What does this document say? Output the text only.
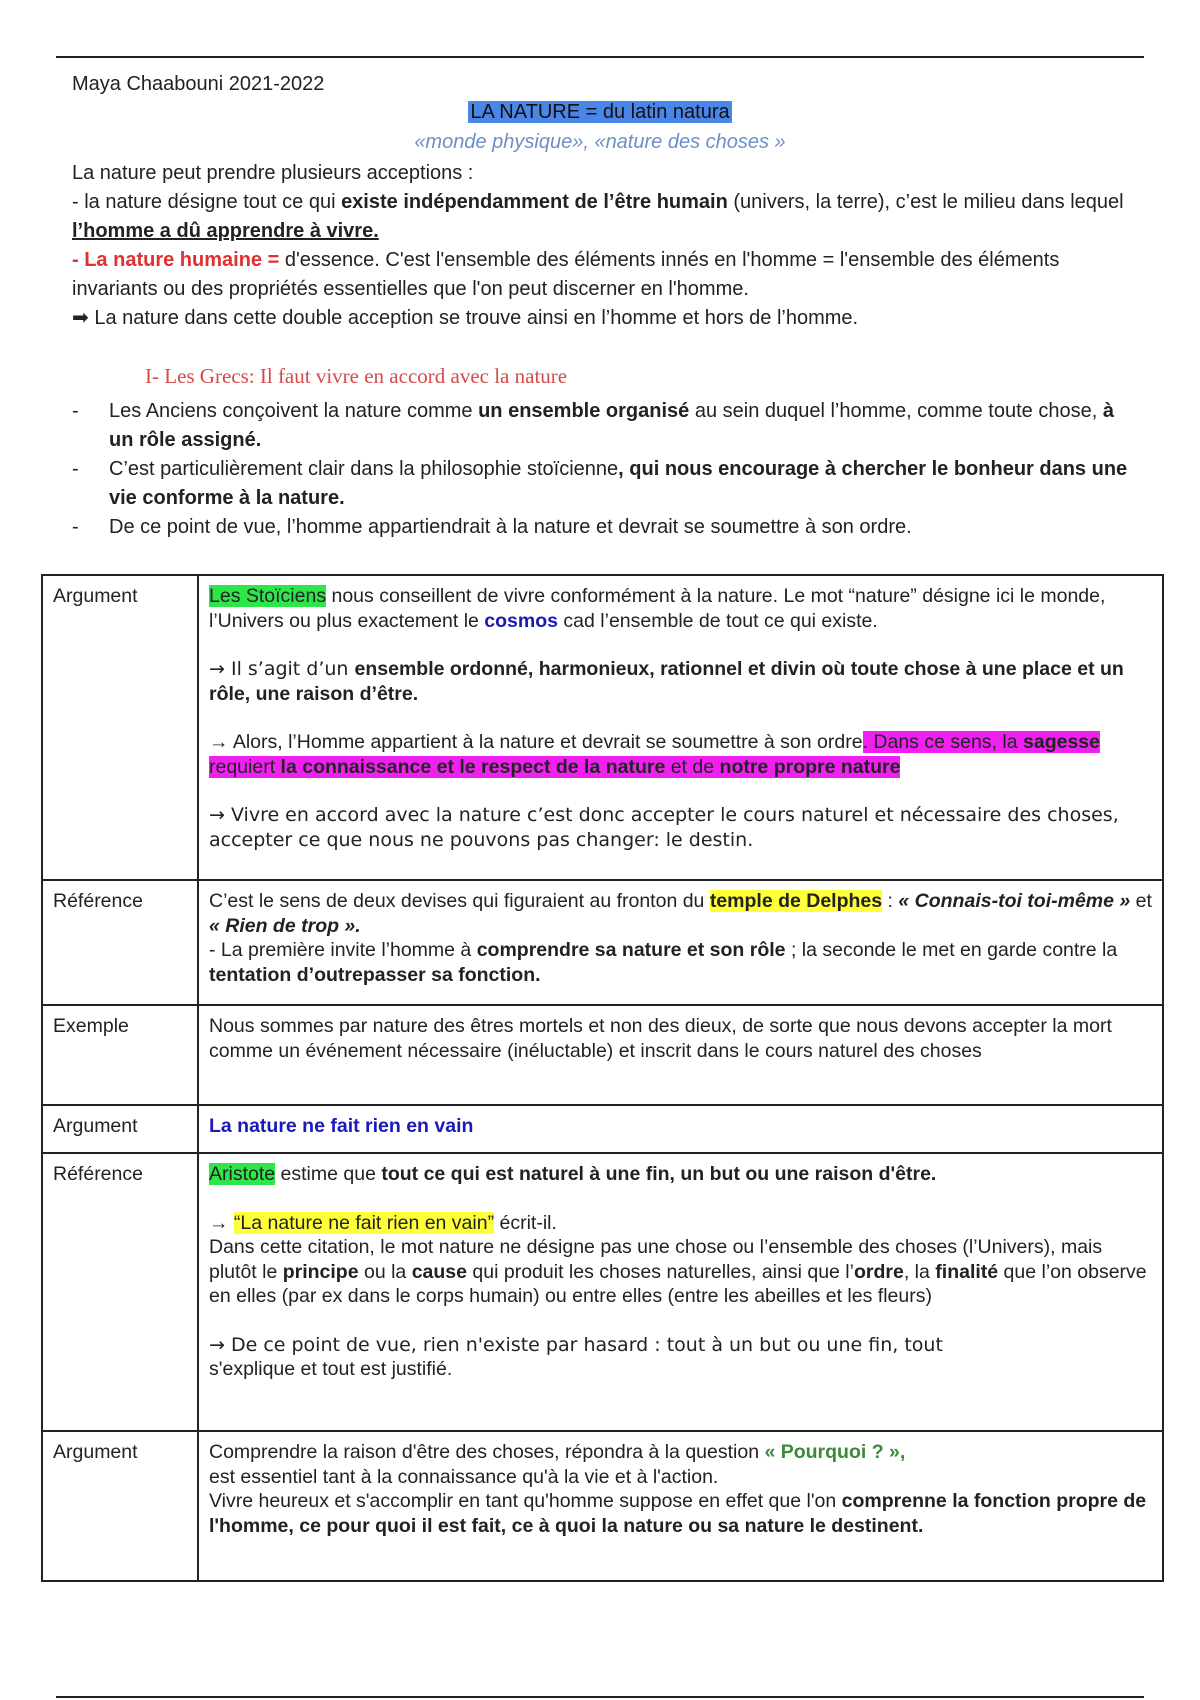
Maya Chaabouni 2021-2022
LA NATURE = du latin natura
«monde physique», «nature des choses »

La nature peut prendre plusieurs acceptions :

- la nature désigne tout ce qui existe indépendamment de l’être humain (univers, la terre), c’est le milieu dans lequel l’homme a dû apprendre à vivre.

- La nature humaine = d'essence. C'est l'ensemble des éléments innés en l'homme = l'ensemble des éléments invariants ou des propriétés essentielles que l'on peut discerner en l'homme.

➡ La nature dans cette double acception se trouve ainsi en l’homme et hors de l’homme.

I- Les Grecs: Il faut vivre en accord avec la nature
- Les Anciens conçoivent la nature comme un ensemble organisé au sein duquel l’homme, comme toute chose, à un rôle assigné.
- C’est particulièrement clair dans la philosophie stoïcienne, qui nous encourage à chercher le bonheur dans une vie conforme à la nature.
- De ce point de vue, l’homme appartiendrait à la nature et devrait se soumettre à son ordre.
Argument	Les Stoïciens nous conseillent de vivre conformément à la nature. Le mot “nature” désigne ici le monde, l’Univers ou plus exactement le cosmos cad l’ensemble de tout ce qui existe.

→ Il s’agit d’un ensemble ordonné, harmonieux, rationnel et divin où toute chose à une place et un rôle, une raison d’être.

→ Alors, l’Homme appartient à la nature et devrait se soumettre à son ordre. Dans ce sens, la sagesse requiert la connaissance et le respect de la nature et de notre propre nature

→ Vivre en accord avec la nature c’est donc accepter le cours naturel et nécessaire des choses, accepter ce que nous ne pouvons pas changer: le destin.

Référence	C’est le sens de deux devises qui figuraient au fronton du temple de Delphes : « Connais-toi toi-même » et « Rien de trop ».

- La première invite l’homme à comprendre sa nature et son rôle ; la seconde le met en garde contre la tentation d’outrepasser sa fonction.

Exemple	Nous sommes par nature des êtres mortels et non des dieux, de sorte que nous devons accepter la mort comme un événement nécessaire (inéluctable) et inscrit dans le cours naturel des choses

Argument	La nature ne fait rien en vain

Référence	Aristote estime que tout ce qui est naturel à une fin, un but ou une raison d'être.

→ “La nature ne fait rien en vain” écrit-il.

Dans cette citation, le mot nature ne désigne pas une chose ou l’ensemble des choses (l’Univers), mais plutôt le principe ou la cause qui produit les choses naturelles, ainsi que l’ordre, la finalité que l’on observe en elles (par ex dans le corps humain) ou entre elles (entre les abeilles et les fleurs)

→ De ce point de vue, rien n'existe par hasard : tout à un but ou une fin, tout

s'explique et tout est justifié.

Argument	Comprendre la raison d'être des choses, répondra à la question « Pourquoi ? »,

est essentiel tant à la connaissance qu'à la vie et à l'action.

Vivre heureux et s'accomplir en tant qu'homme suppose en effet que l'on comprenne la fonction propre de l'homme, ce pour quoi il est fait, ce à quoi la nature ou sa nature le destinent.
